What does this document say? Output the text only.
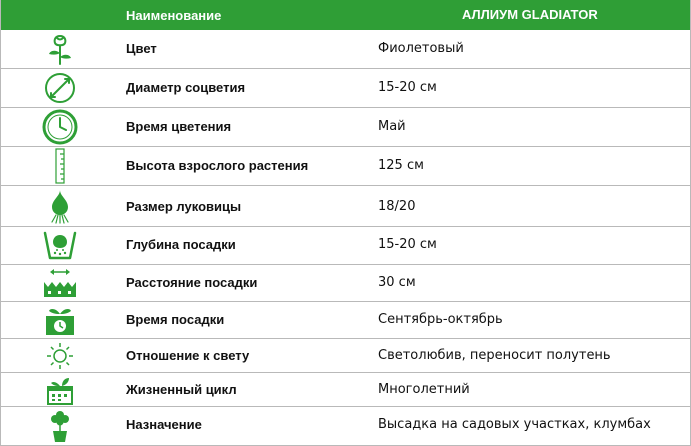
Наименование	АЛЛИУМ GLADIATOR
Цвет	Фиолетовый
Диаметр соцветия	15-20 см
Время цветения	Май
Высота взрослого растения	125 см
Размер луковицы	18/20
Глубина посадки	15-20 см
Расстояние посадки	30 см
Время посадки	Сентябрь-октябрь
Отношение к свету	Светолюбив, переносит полутень
Жизненный цикл	Многолетний
Назначение	Высадка на садовых участках, клумбах
